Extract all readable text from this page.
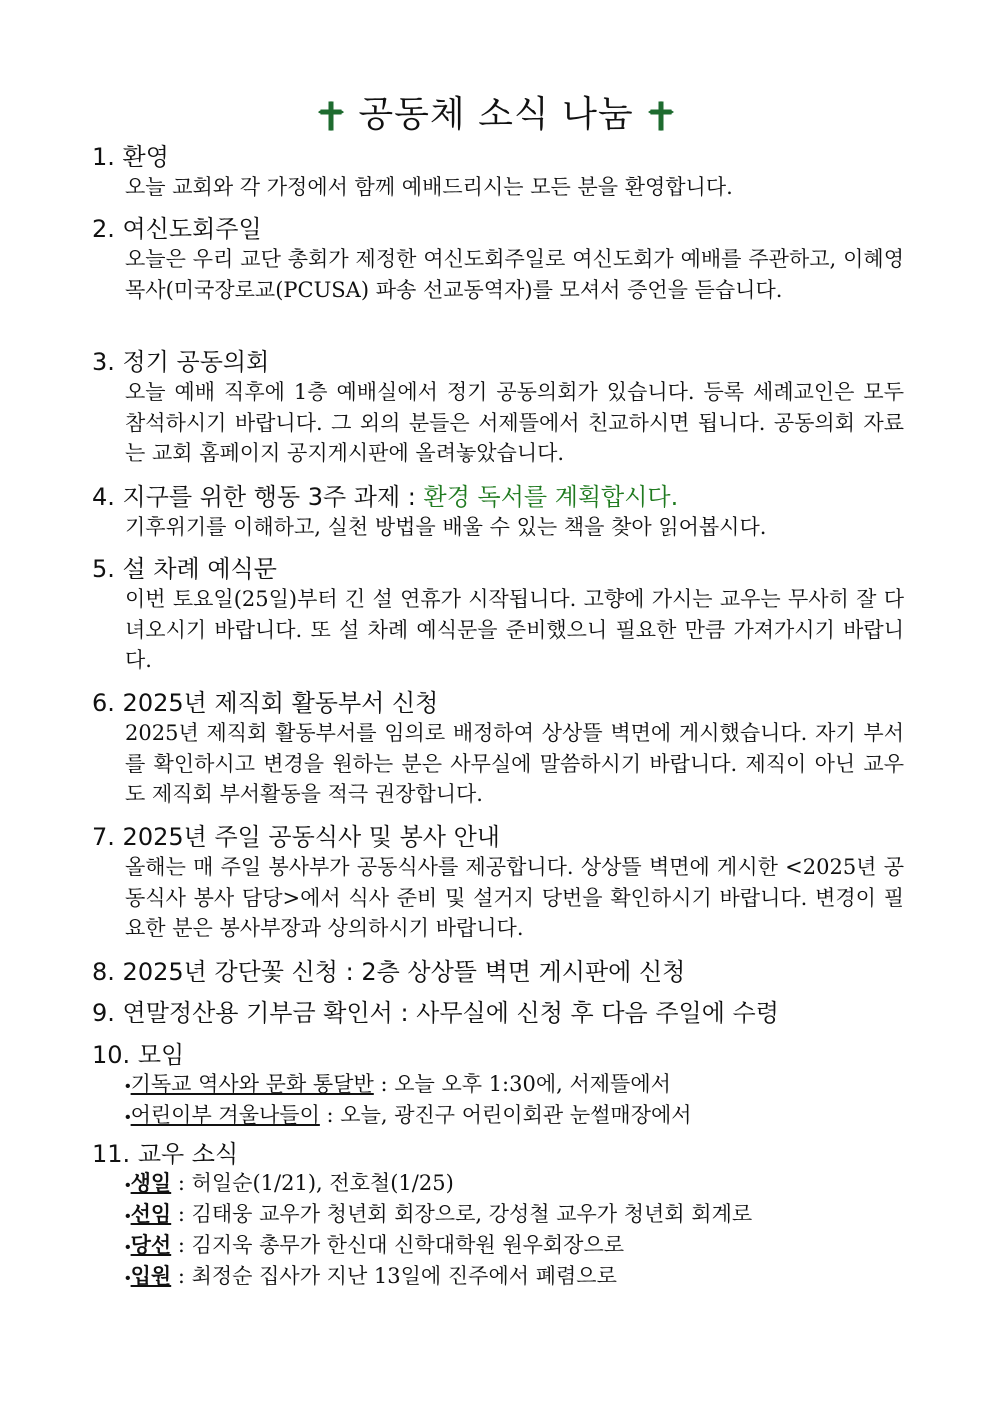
공동체 소식 나눔
1. 환영
오늘 교회와 각 가정에서 함께 예배드리시는 모든 분을 환영합니다.
2. 여신도회주일
오늘은 우리 교단 총회가 제정한 여신도회주일로 여신도회가 예배를 주관하고, 이혜영 목사(미국장로교(PCUSA) 파송 선교동역자)를 모셔서 증언을 듣습니다.
3. 정기 공동의회
오늘 예배 직후에 1층 예배실에서 정기 공동의회가 있습니다. 등록 세례교인은 모두 참석하시기 바랍니다. 그 외의 분들은 서제뜰에서 친교하시면 됩니다. 공동의회 자료는 교회 홈페이지 공지게시판에 올려놓았습니다.
4. 지구를 위한 행동 3주 과제 : 환경 독서를 계획합시다.
기후위기를 이해하고, 실천 방법을 배울 수 있는 책을 찾아 읽어봅시다.
5. 설 차례 예식문
이번 토요일(25일)부터 긴 설 연휴가 시작됩니다. 고향에 가시는 교우는 무사히 잘 다녀오시기 바랍니다. 또 설 차례 예식문을 준비했으니 필요한 만큼 가져가시기 바랍니다.
6. 2025년 제직회 활동부서 신청
2025년 제직회 활동부서를 임의로 배정하여 상상뜰 벽면에 게시했습니다. 자기 부서를 확인하시고 변경을 원하는 분은 사무실에 말씀하시기 바랍니다. 제직이 아닌 교우도 제직회 부서활동을 적극 권장합니다.
7. 2025년 주일 공동식사 및 봉사 안내
올해는 매 주일 봉사부가 공동식사를 제공합니다. 상상뜰 벽면에 게시한 <2025년 공동식사 봉사 담당>에서 식사 준비 및 설거지 당번을 확인하시기 바랍니다. 변경이 필요한 분은 봉사부장과 상의하시기 바랍니다.
8. 2025년 강단꽃 신청 : 2층 상상뜰 벽면 게시판에 신청
9. 연말정산용 기부금 확인서 : 사무실에 신청 후 다음 주일에 수령
10. 모임
•기독교 역사와 문화 통달반 : 오늘 오후 1:30에, 서제뜰에서
•어린이부 겨울나들이 : 오늘, 광진구 어린이회관 눈썰매장에서
11. 교우 소식
•생일 : 허일순(1/21), 전호철(1/25)
•선임 : 김태웅 교우가 청년회 회장으로, 강성철 교우가 청년회 회계로
•당선 : 김지욱 총무가 한신대 신학대학원 원우회장으로
•입원 : 최정순 집사가 지난 13일에 진주에서 폐렴으로
